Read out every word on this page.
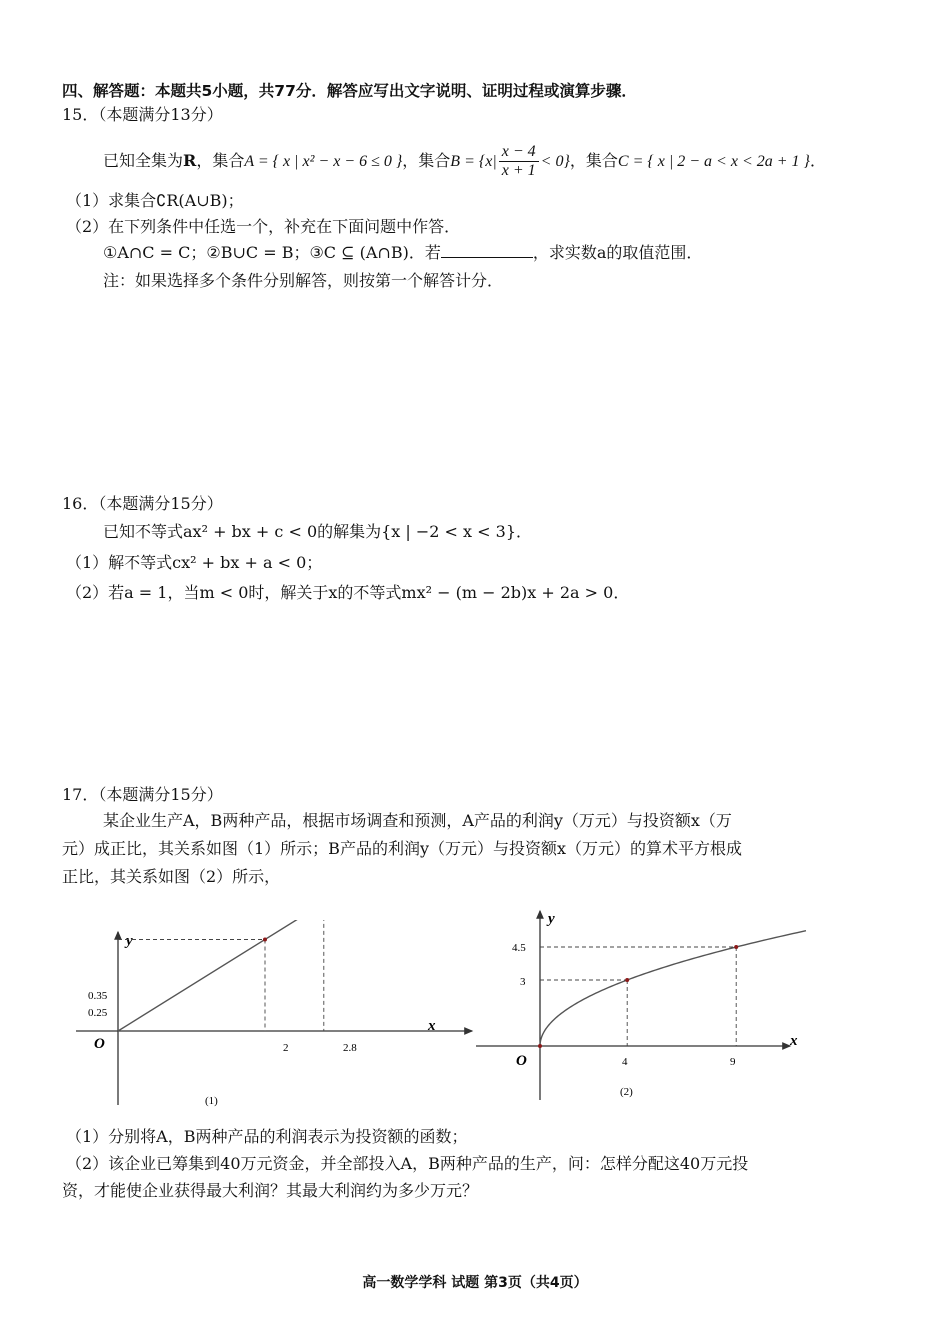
四、解答题：本题共5小题，共77分．解答应写出文字说明、证明过程或演算步骤．
15．（本题满分13分）
已知全集为R，集合A = { x | x² − x − 6 ≤ 0 }，集合$B = \{x| \frac{x - 4}{x + 1} < 0\}$，集合C = { x | 2 − a < x < 2a + 1 }．
（1）求集合∁R(A∪B)；
（2）在下列条件中任选一个，补充在下面问题中作答．
①A∩C = C；②B∪C = B；③C ⊆ (A∩B)．若	，求实数a的取值范围．
注：如果选择多个条件分别解答，则按第一个解答计分．
16．（本题满分15分）
已知不等式ax² + bx + c < 0的解集为{x | −2 < x < 3}．
（1）解不等式cx² + bx + a < 0；
（2）若a = 1，当m < 0时，解关于x的不等式mx² − (m − 2b)x + 2a > 0．
17．（本题满分15分）
某企业生产A，B两种产品，根据市场调查和预测，A产品的利润y（万元）与投资额x（万
元）成正比，其关系如图（1）所示；B产品的利润y（万元）与投资额x（万元）的算术平方根成
正比，其关系如图（2）所示，
y
x
O
0.35
0.25
2	2.8
(1)
y
x
O
4.5
3
4	9
(2)
（1）分别将A，B两种产品的利润表示为投资额的函数；
（2）该企业已筹集到40万元资金，并全部投入A，B两种产品的生产，问：怎样分配这40万元投
资，才能使企业获得最大利润？其最大利润约为多少万元？
高一数学学科 试题 第3页（共4页）
